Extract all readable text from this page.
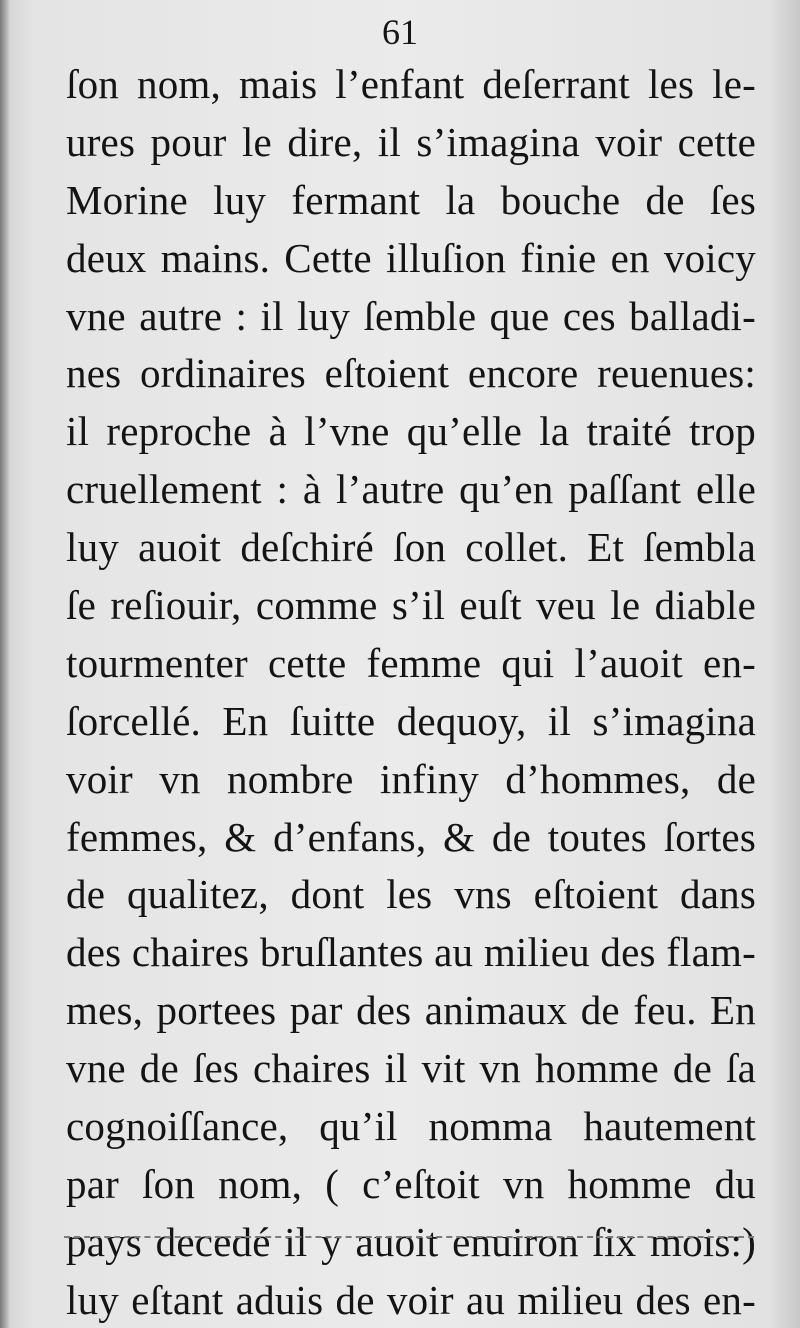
61
ſon nom, mais l’enfant deſerrant les le-
ures pour le dire, il s’imagina voir cette
Morine luy fermant la bouche de ſes
deux mains. Cette illuſion finie en voicy
vne autre : il luy ſemble que ces balladi-
nes ordinaires eſtoient encore reuenues:
il reproche à l’vne qu’elle la traité trop
cruellement : à l’autre qu’en paſſant elle
luy auoit deſchiré ſon collet. Et ſembla
ſe reſiouir, comme s’il euſt veu le diable
tourmenter cette femme qui l’auoit en-
ſorcellé. En ſuitte dequoy, il s’imagina
voir vn nombre infiny d’hommes, de
femmes, & d’enfans, & de toutes ſortes
de qualitez, dont les vns eſtoient dans
des chaires bruſlantes au milieu des flam-
mes, portees par des animaux de feu. En
vne de ſes chaires il vit vn homme de ſa
cognoiſſance, qu’il nomma hautement
par ſon nom, ( c’eſtoit vn homme du
pays decedé il y auoit enuiron ſix mois:)
luy eſtant aduis de voir au milieu des en-
